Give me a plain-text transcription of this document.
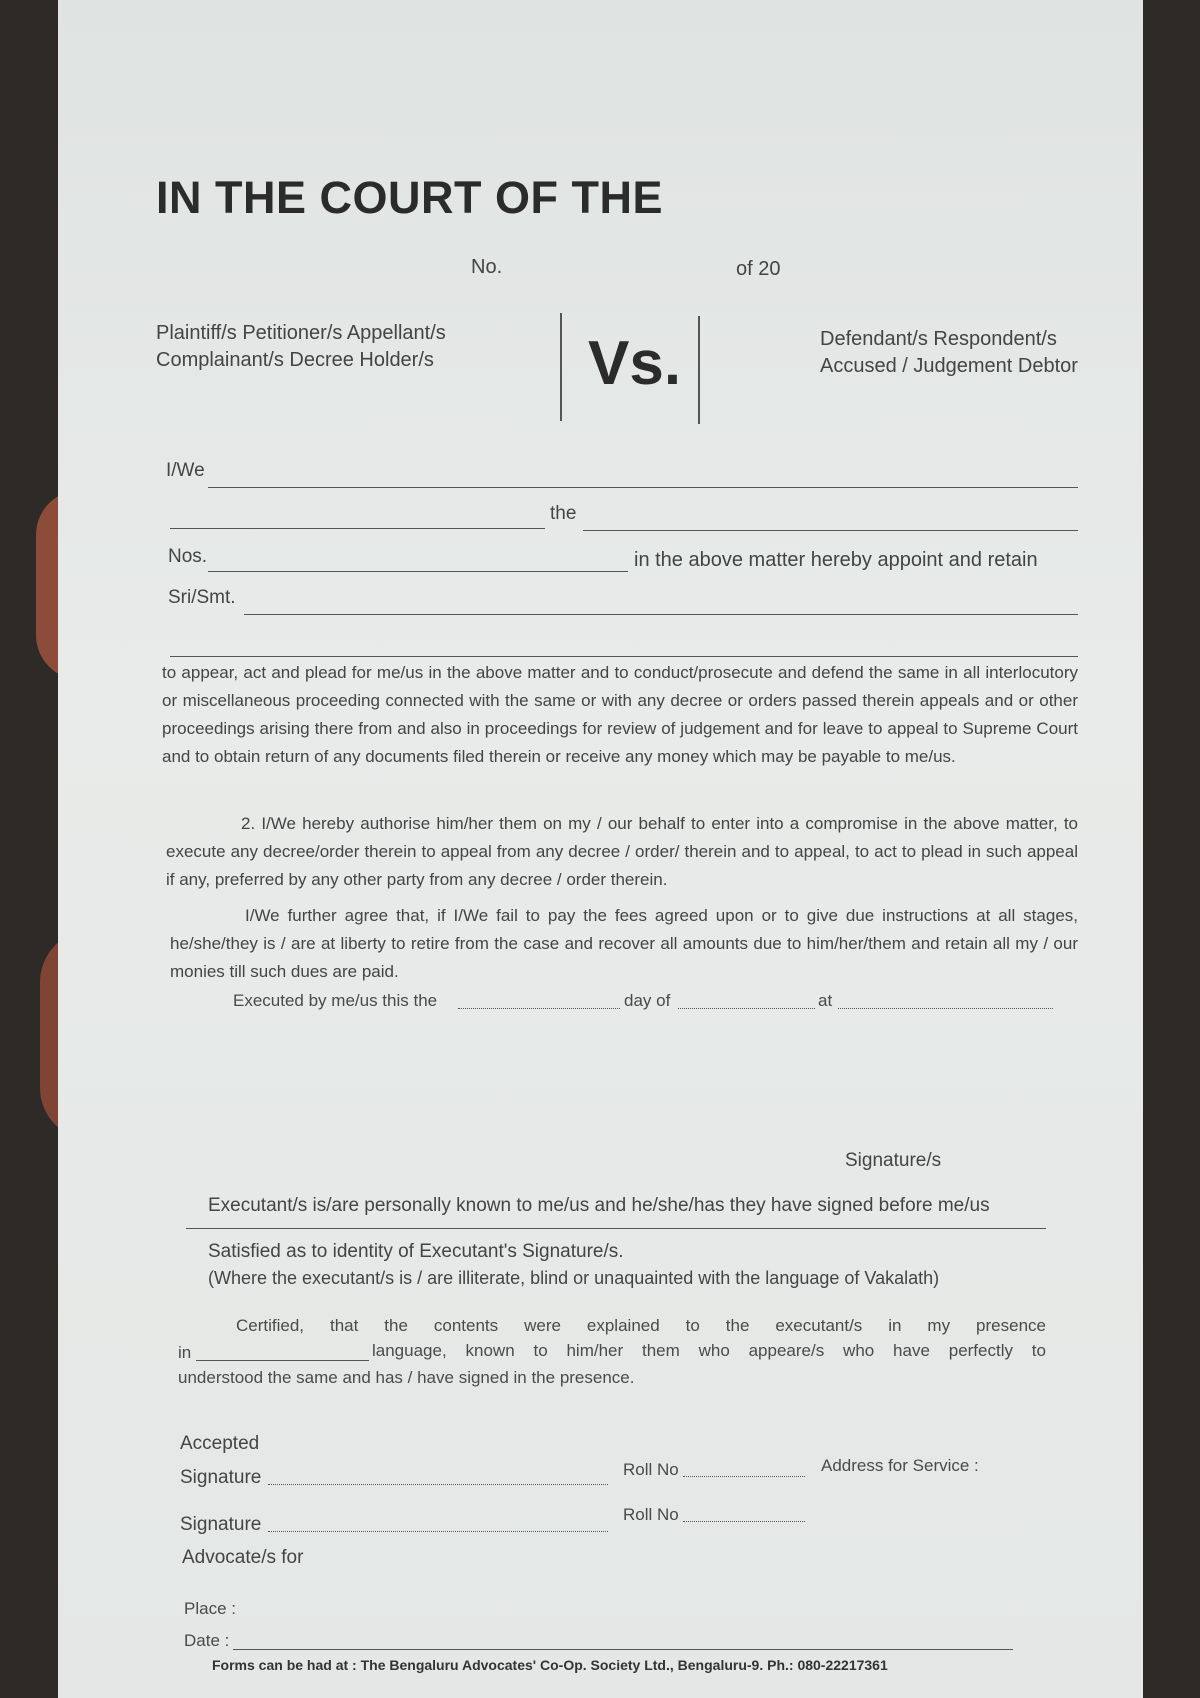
IN THE COURT OF THE
No.	of 20
Plaintiff/s Petitioner/s Appellant/s
Complainant/s Decree Holder/s Vs.	Defendant/s Respondent/s
Accused / Judgement Debtor
I/We
the
Nos.	in the above matter hereby appoint and retain
Sri/Smt.
to appear, act and plead for me/us in the above matter and to conduct/prosecute and defend the same in all interlocutory or miscellaneous proceeding connected with the same or with any decree or orders passed therein appeals and or other proceedings arising there from and also in proceedings for review of judgement and for leave to appeal to Supreme Court and to obtain return of any documents filed therein or receive any money which may be payable to me/us.
2. I/We hereby authorise him/her them on my / our behalf to enter into a compromise in the above matter, to execute any decree/order therein to appeal from any decree / order/ therein and to appeal, to act to plead in such appeal if any, preferred by any other party from any decree / order therein.
I/We further agree that, if I/We fail to pay the fees agreed upon or to give due instructions at all stages, he/she/they is / are at liberty to retire from the case and recover all amounts due to him/her/them and retain all my / our monies till such dues are paid.
Executed by me/us this the	day of	at
Signature/s
Executant/s is/are personally known to me/us and he/she/has they have signed before me/us
Satisfied as to identity of Executant's Signature/s.
(Where the executant/s is / are illiterate, blind or unaquainted with the language of Vakalath)
Certified, that the contents were explained to the executant/s in my presence
in	language, known to him/her them who appeare/s who have perfectly to
understood the same and has / have signed in the presence.
Accepted
Signature	Roll No	Address for Service :
Signature	Roll No
Advocate/s for
Place :
Date :
Forms can be had at : The Bengaluru Advocates' Co-Op. Society Ltd., Bengaluru-9. Ph.: 080-22217361
